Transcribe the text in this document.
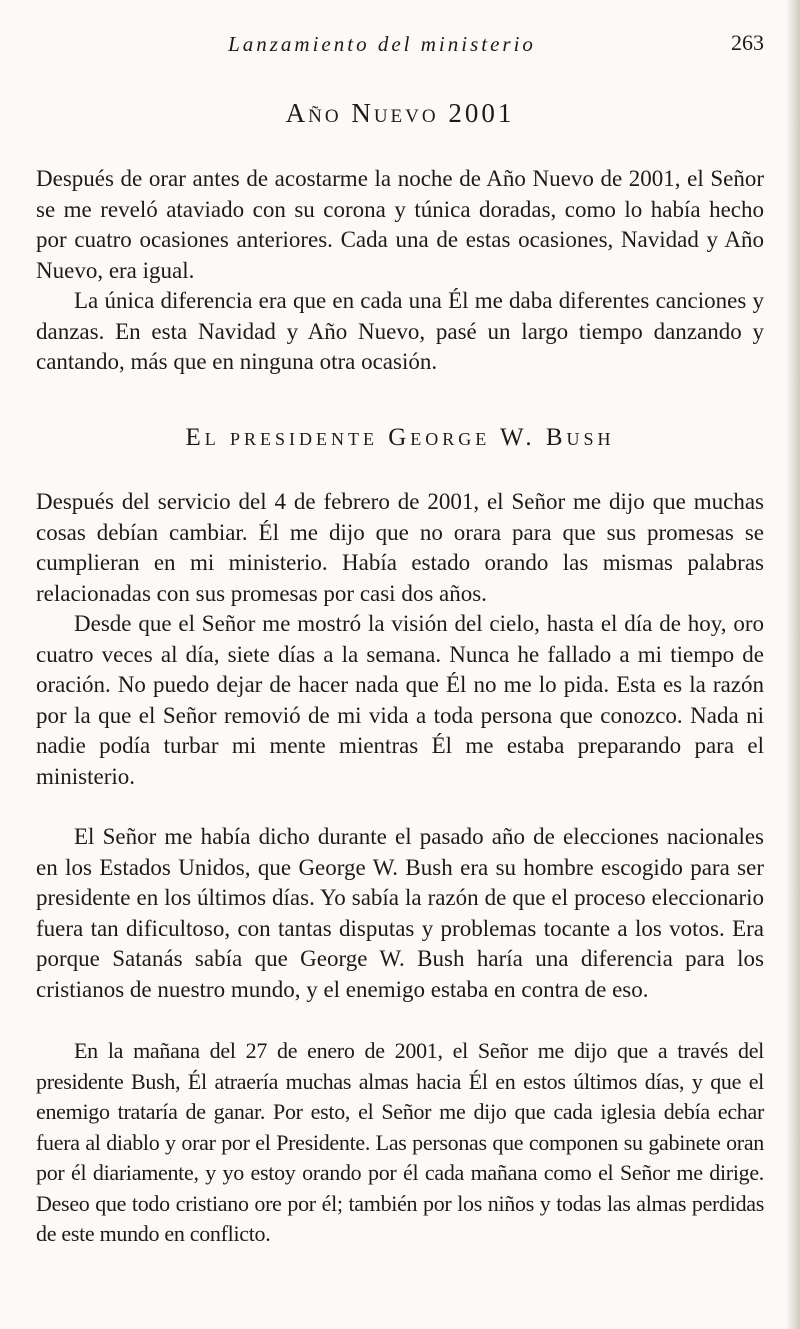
Lanzamiento del ministerio	263
Año Nuevo 2001

Después de orar antes de acostarme la noche de Año Nuevo de 2001, el Señor se me reveló ataviado con su corona y túnica doradas, como lo había hecho por cuatro ocasiones anteriores. Cada una de estas ocasiones, Navidad y Año Nuevo, era igual.

La única diferencia era que en cada una Él me daba diferentes canciones y danzas. En esta Navidad y Año Nuevo, pasé un largo tiempo danzando y cantando, más que en ninguna otra ocasión.

El presidente George W. Bush

Después del servicio del 4 de febrero de 2001, el Señor me dijo que muchas cosas debían cambiar. Él me dijo que no orara para que sus promesas se cumplieran en mi ministerio. Había estado orando las mismas palabras relacionadas con sus promesas por casi dos años.

Desde que el Señor me mostró la visión del cielo, hasta el día de hoy, oro cuatro veces al día, siete días a la semana. Nunca he fallado a mi tiempo de oración. No puedo dejar de hacer nada que Él no me lo pida. Esta es la razón por la que el Señor removió de mi vida a toda persona que conozco. Nada ni nadie podía turbar mi mente mientras Él me estaba preparando para el ministerio.

El Señor me había dicho durante el pasado año de elecciones nacionales en los Estados Unidos, que George W. Bush era su hombre escogido para ser presidente en los últimos días. Yo sabía la razón de que el proceso eleccionario fuera tan dificultoso, con tantas disputas y problemas tocante a los votos. Era porque Satanás sabía que George W. Bush haría una diferencia para los cristianos de nuestro mundo, y el enemigo estaba en contra de eso.

En la mañana del 27 de enero de 2001, el Señor me dijo que a través del presidente Bush, Él atraería muchas almas hacia Él en estos últimos días, y que el enemigo trataría de ganar. Por esto, el Señor me dijo que cada iglesia debía echar fuera al diablo y orar por el Presidente. Las personas que componen su gabinete oran por él diariamente, y yo estoy orando por él cada mañana como el Señor me dirige. Deseo que todo cristiano ore por él; también por los niños y todas las almas perdidas de este mundo en conflicto.
